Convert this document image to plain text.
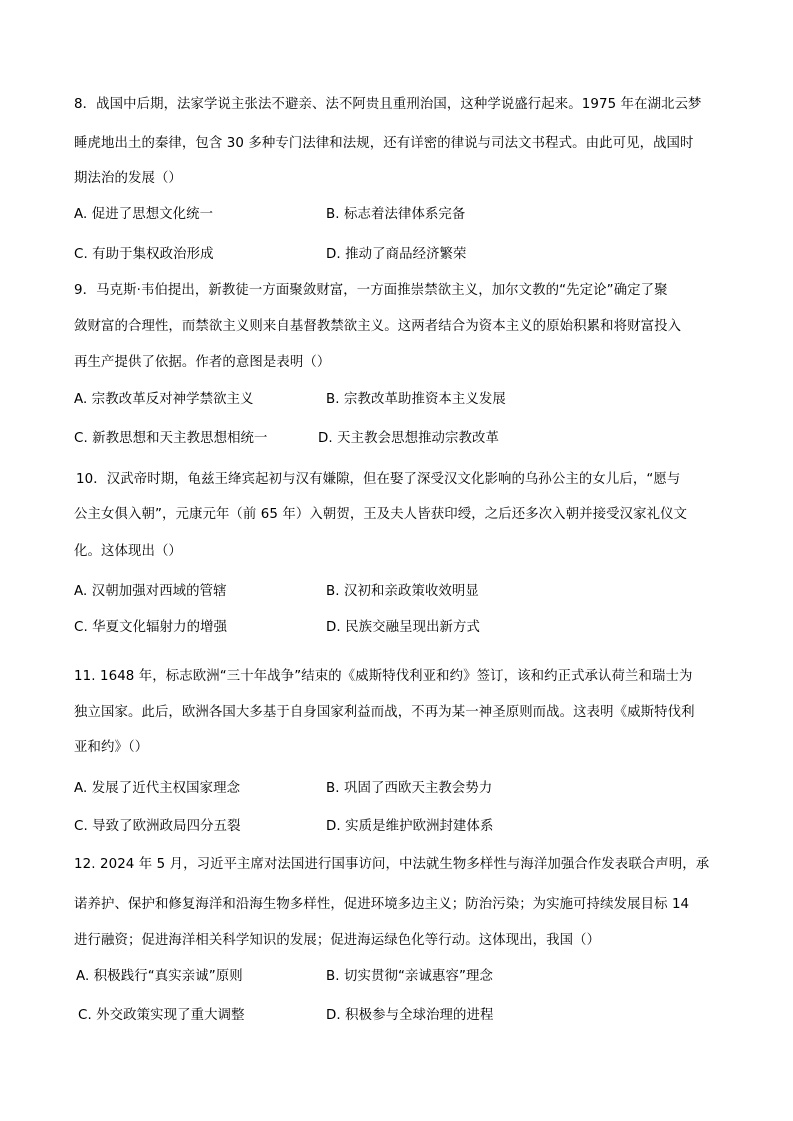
8．战国中后期，法家学说主张法不避亲、法不阿贵且重刑治国，这种学说盛行起来。1975 年在湖北云梦
睡虎地出土的秦律，包含 30 多种专门法律和法规，还有详密的律说与司法文书程式。由此可见，战国时
期法治的发展（）
A. 促进了思想文化统一	B. 标志着法律体系完备
C. 有助于集权政治形成	D. 推动了商品经济繁荣
9．马克斯·韦伯提出，新教徒一方面聚敛财富，一方面推崇禁欲主义，加尔文教的“先定论”确定了聚
敛财富的合理性，而禁欲主义则来自基督教禁欲主义。这两者结合为资本主义的原始积累和将财富投入
再生产提供了依据。作者的意图是表明（）
A. 宗教改革反对神学禁欲主义	B. 宗教改革助推资本主义发展
C. 新教思想和天主教思想相统一	D. 天主教会思想推动宗教改革
10．汉武帝时期，龟兹王绛宾起初与汉有嫌隙，但在娶了深受汉文化影响的乌孙公主的女儿后，“愿与
公主女俱入朝”，元康元年（前 65 年）入朝贺，王及夫人皆获印绶，之后还多次入朝并接受汉家礼仪文
化。这体现出（）
A. 汉朝加强对西域的管辖	B. 汉初和亲政策收效明显
C. 华夏文化辐射力的增强	D. 民族交融呈现出新方式
11. 1648 年，标志欧洲“三十年战争”结束的《威斯特伐利亚和约》签订，该和约正式承认荷兰和瑞士为
独立国家。此后，欧洲各国大多基于自身国家利益而战，不再为某一神圣原则而战。这表明《威斯特伐利
亚和约》（）
A. 发展了近代主权国家理念	B. 巩固了西欧天主教会势力
C. 导致了欧洲政局四分五裂	D. 实质是维护欧洲封建体系
12. 2024 年 5 月，习近平主席对法国进行国事访问，中法就生物多样性与海洋加强合作发表联合声明，承
诺养护、保护和修复海洋和沿海生物多样性，促进环境多边主义；防治污染；为实施可持续发展目标 14
进行融资；促进海洋相关科学知识的发展；促进海运绿色化等行动。这体现出，我国（）
A. 积极践行“真实亲诚”原则	B. 切实贯彻“亲诚惠容”理念
C. 外交政策实现了重大调整	D. 积极参与全球治理的进程
